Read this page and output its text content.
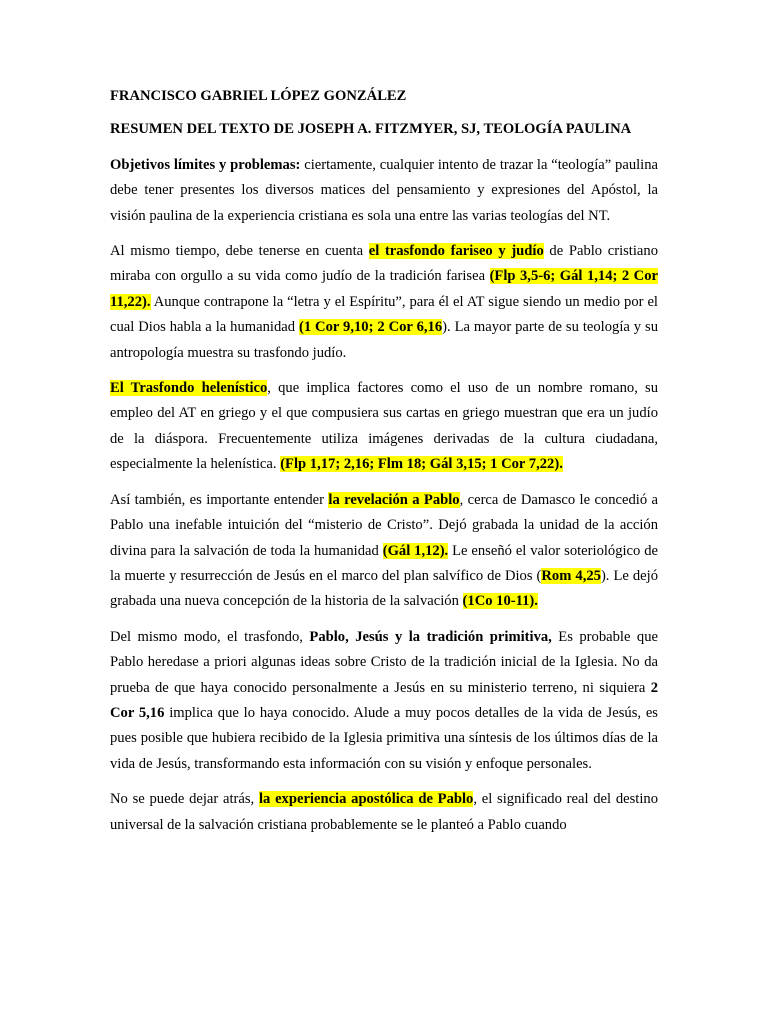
FRANCISCO GABRIEL LÓPEZ GONZÁLEZ

RESUMEN DEL TEXTO DE JOSEPH A. FITZMYER, SJ, TEOLOGÍA PAULINA

Objetivos límites y problemas: ciertamente, cualquier intento de trazar la “teología” paulina debe tener presentes los diversos matices del pensamiento y expresiones del Apóstol, la visión paulina de la experiencia cristiana es sola una entre las varias teologías del NT.

Al mismo tiempo, debe tenerse en cuenta el trasfondo fariseo y judío de Pablo cristiano miraba con orgullo a su vida como judío de la tradición farisea (Flp 3,5-6; Gál 1,14; 2 Cor 11,22). Aunque contrapone la “letra y el Espíritu”, para él el AT sigue siendo un medio por el cual Dios habla a la humanidad (1 Cor 9,10; 2 Cor 6,16). La mayor parte de su teología y su antropología muestra su trasfondo judío.

El Trasfondo helenístico, que implica factores como el uso de un nombre romano, su empleo del AT en griego y el que compusiera sus cartas en griego muestran que era un judío de la diáspora. Frecuentemente utiliza imágenes derivadas de la cultura ciudadana, especialmente la helenística. (Flp 1,17; 2,16; Flm 18; Gál 3,15; 1 Cor 7,22).

Así también, es importante entender la revelación a Pablo, cerca de Damasco le concedió a Pablo una inefable intuición del “misterio de Cristo”. Dejó grabada la unidad de la acción divina para la salvación de toda la humanidad (Gál 1,12). Le enseñó el valor soteriológico de la muerte y resurrección de Jesús en el marco del plan salvífico de Dios (Rom 4,25). Le dejó grabada una nueva concepción de la historia de la salvación (1Co 10-11).

Del mismo modo, el trasfondo, Pablo, Jesús y la tradición primitiva, Es probable que Pablo heredase a priori algunas ideas sobre Cristo de la tradición inicial de la Iglesia. No da prueba de que haya conocido personalmente a Jesús en su ministerio terreno, ni siquiera 2 Cor 5,16 implica que lo haya conocido. Alude a muy pocos detalles de la vida de Jesús, es pues posible que hubiera recibido de la Iglesia primitiva una síntesis de los últimos días de la vida de Jesús, transformando esta información con su visión y enfoque personales.

No se puede dejar atrás, la experiencia apostólica de Pablo, el significado real del destino universal de la salvación cristiana probablemente se le planteó a Pablo cuando
